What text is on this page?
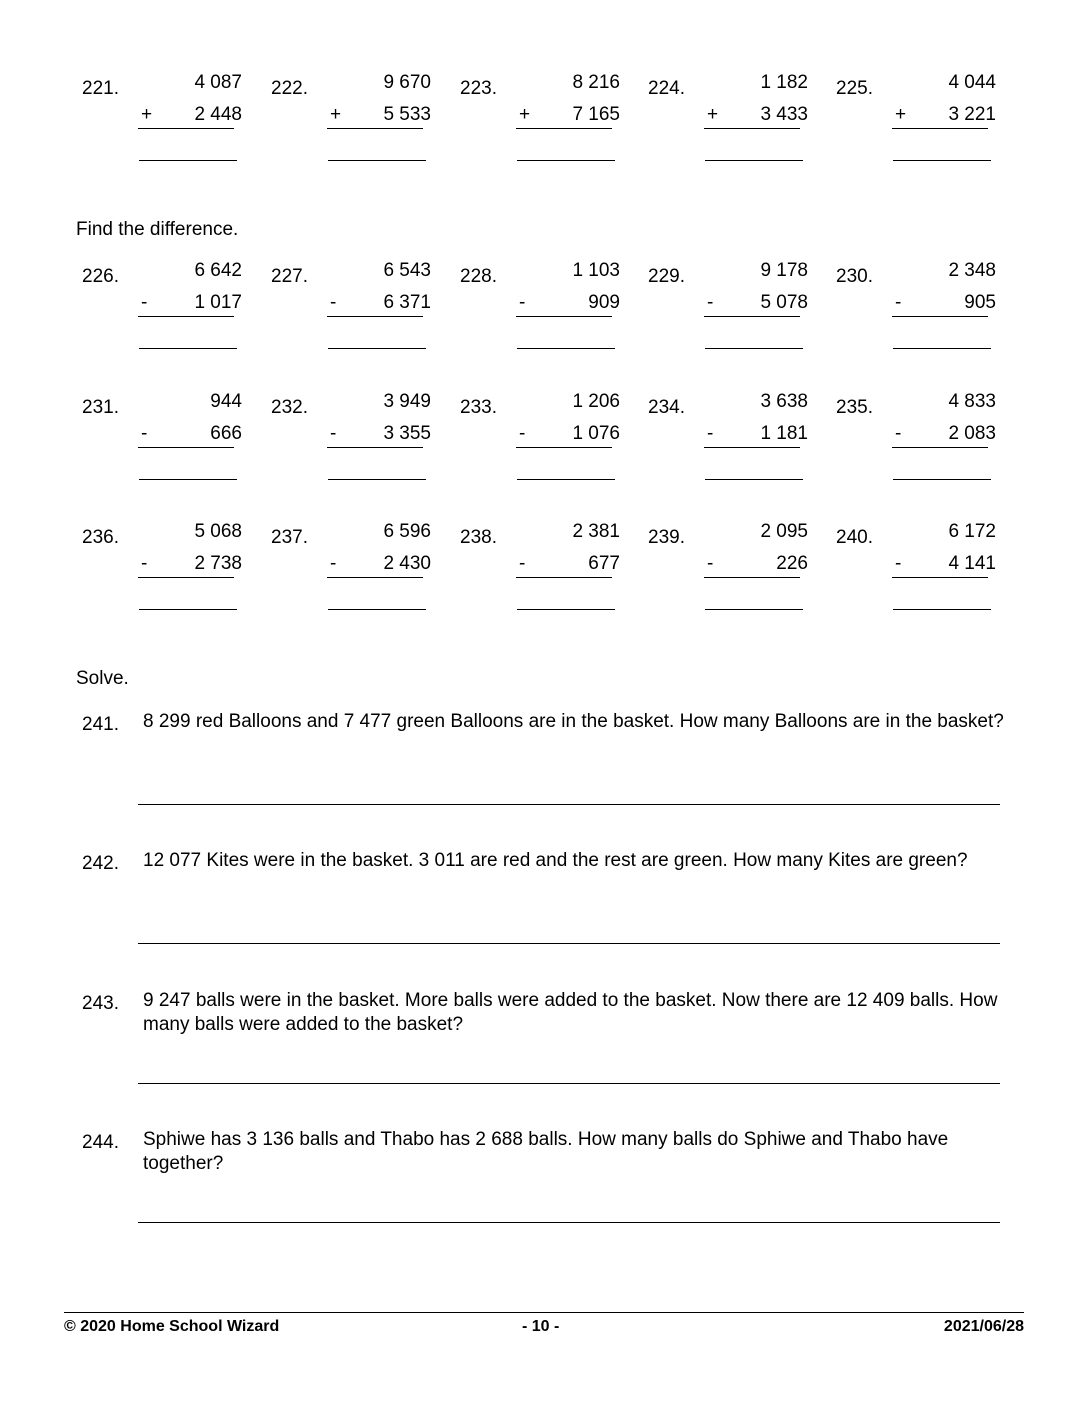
221.	4 087
+ 2 448
222.	9 670
+ 5 533
223.	8 216
+ 7 165
224.	1 182
+ 3 433
225.	4 044
+ 3 221
Find the difference.
226.	6 642
- 1 017
227.	6 543
- 6 371
228.	1 103
-	909
229.	9 178
- 5 078
230.	2 348
-	905
231.	944
-	666
232.	3 949
- 3 355
233.	1 206
- 1 076
234.	3 638
- 1 181
235.	4 833
- 2 083
236.	5 068
- 2 738
237.	6 596
- 2 430
238.	2 381
-	677
239.	2 095
-	226
240.	6 172
- 4 141
Solve.
241. 8 299 red Balloons and 7 477 green Balloons are in the basket. How many Balloons are in the basket?
242. 12 077 Kites were in the basket. 3 011 are red and the rest are green. How many Kites are green?
243. 9 247 balls were in the basket. More balls were added to the basket. Now there are 12 409 balls. How many balls were added to the basket?
244. Sphiwe has 3 136 balls and Thabo has 2 688 balls. How many balls do Sphiwe and Thabo have together?
© 2020 Home School Wizard	- 10 -	2021/06/28
